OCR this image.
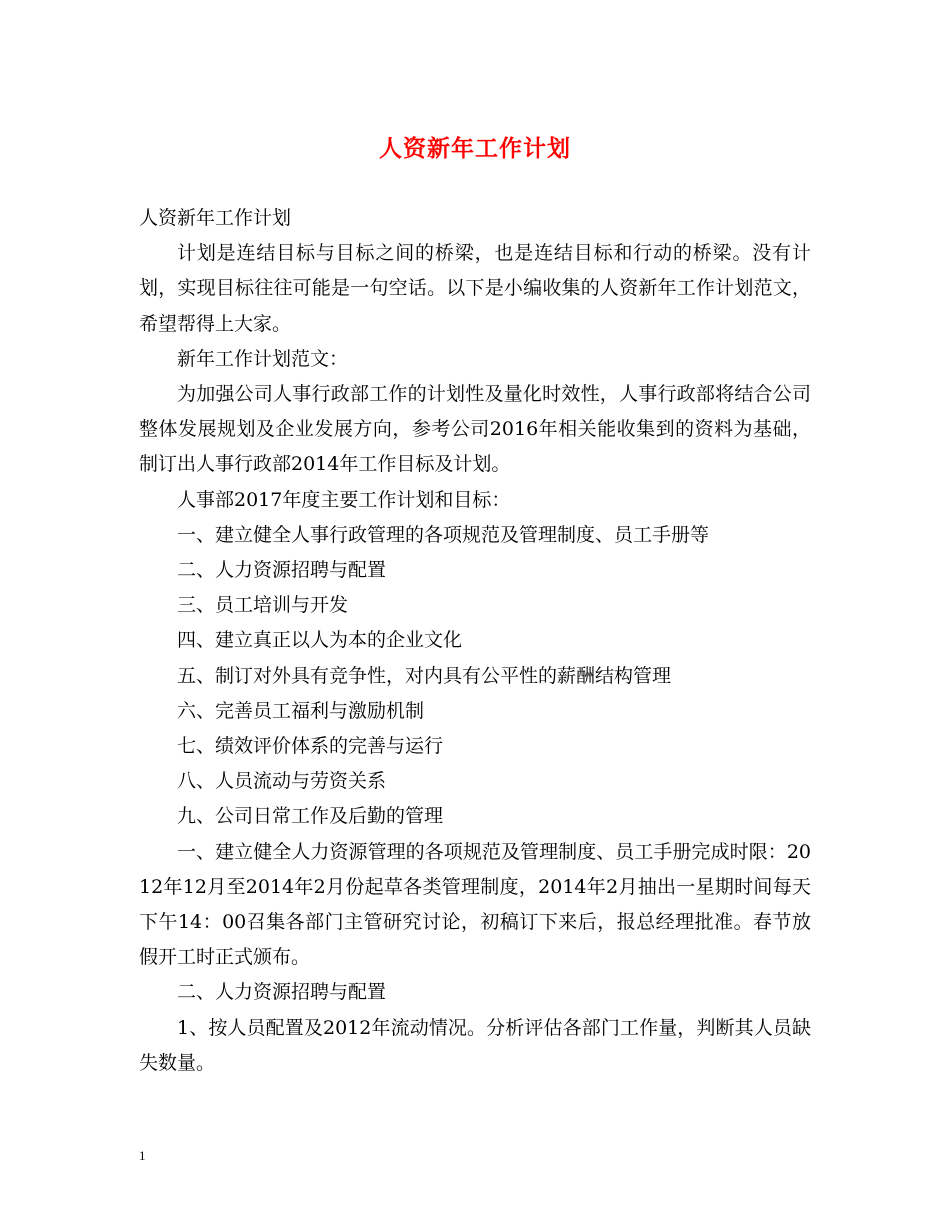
人资新年工作计划

人资新年工作计划

计划是连结目标与目标之间的桥梁，也是连结目标和行动的桥梁。没有计划，实现目标往往可能是一句空话。以下是小编收集的人资新年工作计划范文，希望帮得上大家。

新年工作计划范文：

为加强公司人事行政部工作的计划性及量化时效性，人事行政部将结合公司整体发展规划及企业发展方向，参考公司2016年相关能收集到的资料为基础，制订出人事行政部2014年工作目标及计划。

人事部2017年度主要工作计划和目标：

一、建立健全人事行政管理的各项规范及管理制度、员工手册等

二、人力资源招聘与配置

三、员工培训与开发

四、建立真正以人为本的企业文化

五、制订对外具有竞争性，对内具有公平性的薪酬结构管理

六、完善员工福利与激励机制

七、绩效评价体系的完善与运行

八、人员流动与劳资关系

九、公司日常工作及后勤的管理

一、建立健全人力资源管理的各项规范及管理制度、员工手册完成时限：2012年12月至2014年2月份起草各类管理制度，2014年2月抽出一星期时间每天下午14：00召集各部门主管研究讨论，初稿订下来后，报总经理批准。春节放假开工时正式颁布。

二、人力资源招聘与配置

1、按人员配置及2012年流动情况。分析评估各部门工作量，判断其人员缺失数量。

1
